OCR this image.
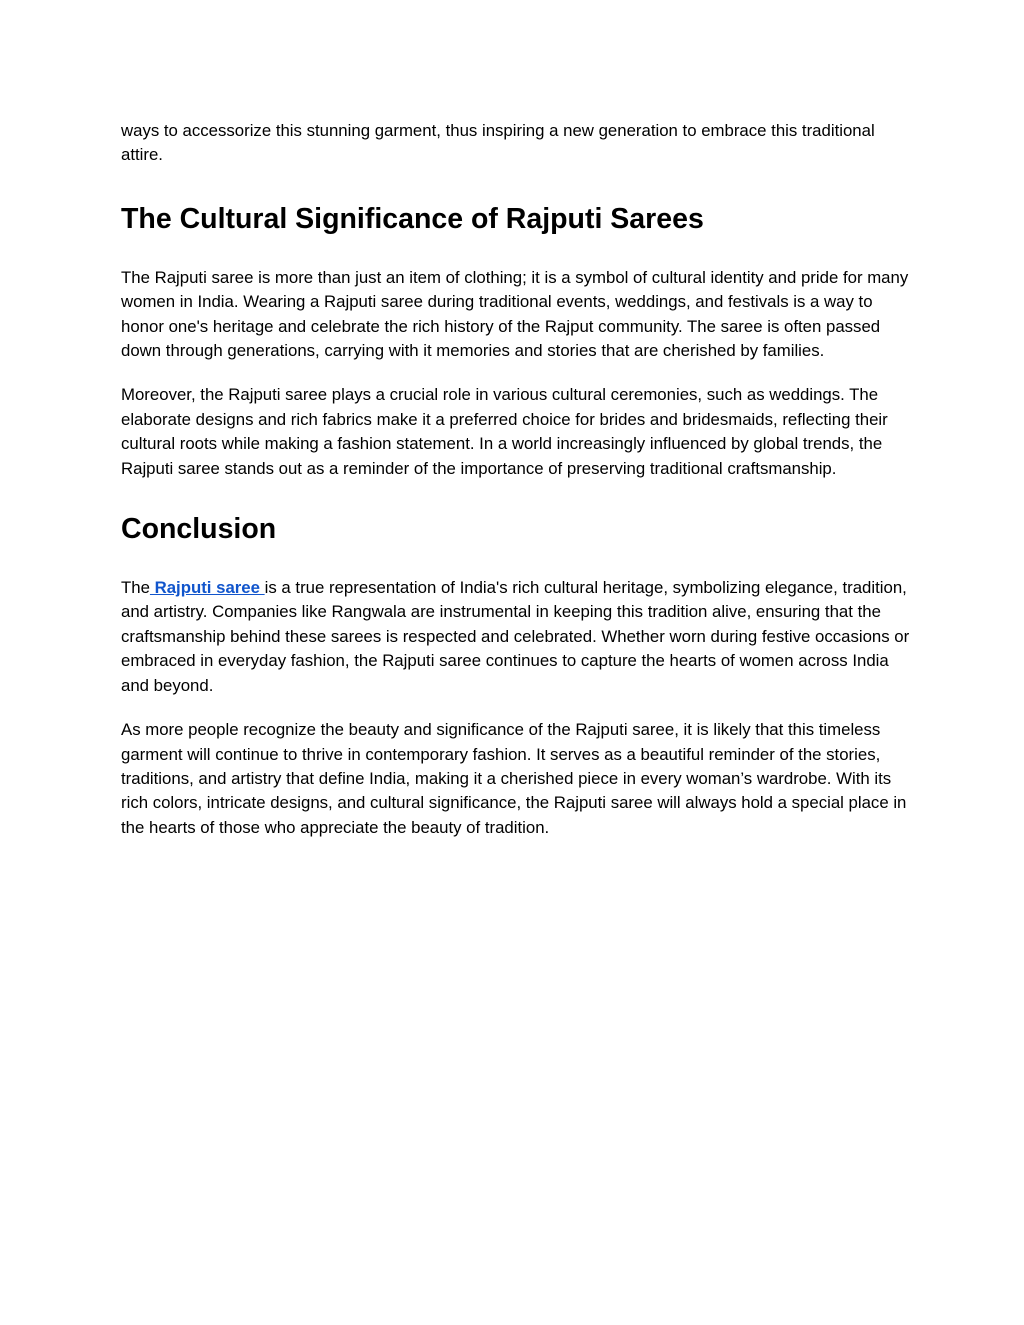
ways to accessorize this stunning garment, thus inspiring a new generation to embrace this traditional attire.

The Cultural Significance of Rajputi Sarees

The Rajputi saree is more than just an item of clothing; it is a symbol of cultural identity and pride for many women in India. Wearing a Rajputi saree during traditional events, weddings, and festivals is a way to honor one's heritage and celebrate the rich history of the Rajput community. The saree is often passed down through generations, carrying with it memories and stories that are cherished by families.

Moreover, the Rajputi saree plays a crucial role in various cultural ceremonies, such as weddings. The elaborate designs and rich fabrics make it a preferred choice for brides and bridesmaids, reflecting their cultural roots while making a fashion statement. In a world increasingly influenced by global trends, the Rajputi saree stands out as a reminder of the importance of preserving traditional craftsmanship.

Conclusion

The Rajputi saree is a true representation of India's rich cultural heritage, symbolizing elegance, tradition, and artistry. Companies like Rangwala are instrumental in keeping this tradition alive, ensuring that the craftsmanship behind these sarees is respected and celebrated. Whether worn during festive occasions or embraced in everyday fashion, the Rajputi saree continues to capture the hearts of women across India and beyond.

As more people recognize the beauty and significance of the Rajputi saree, it is likely that this timeless garment will continue to thrive in contemporary fashion. It serves as a beautiful reminder of the stories, traditions, and artistry that define India, making it a cherished piece in every woman’s wardrobe. With its rich colors, intricate designs, and cultural significance, the Rajputi saree will always hold a special place in the hearts of those who appreciate the beauty of tradition.
